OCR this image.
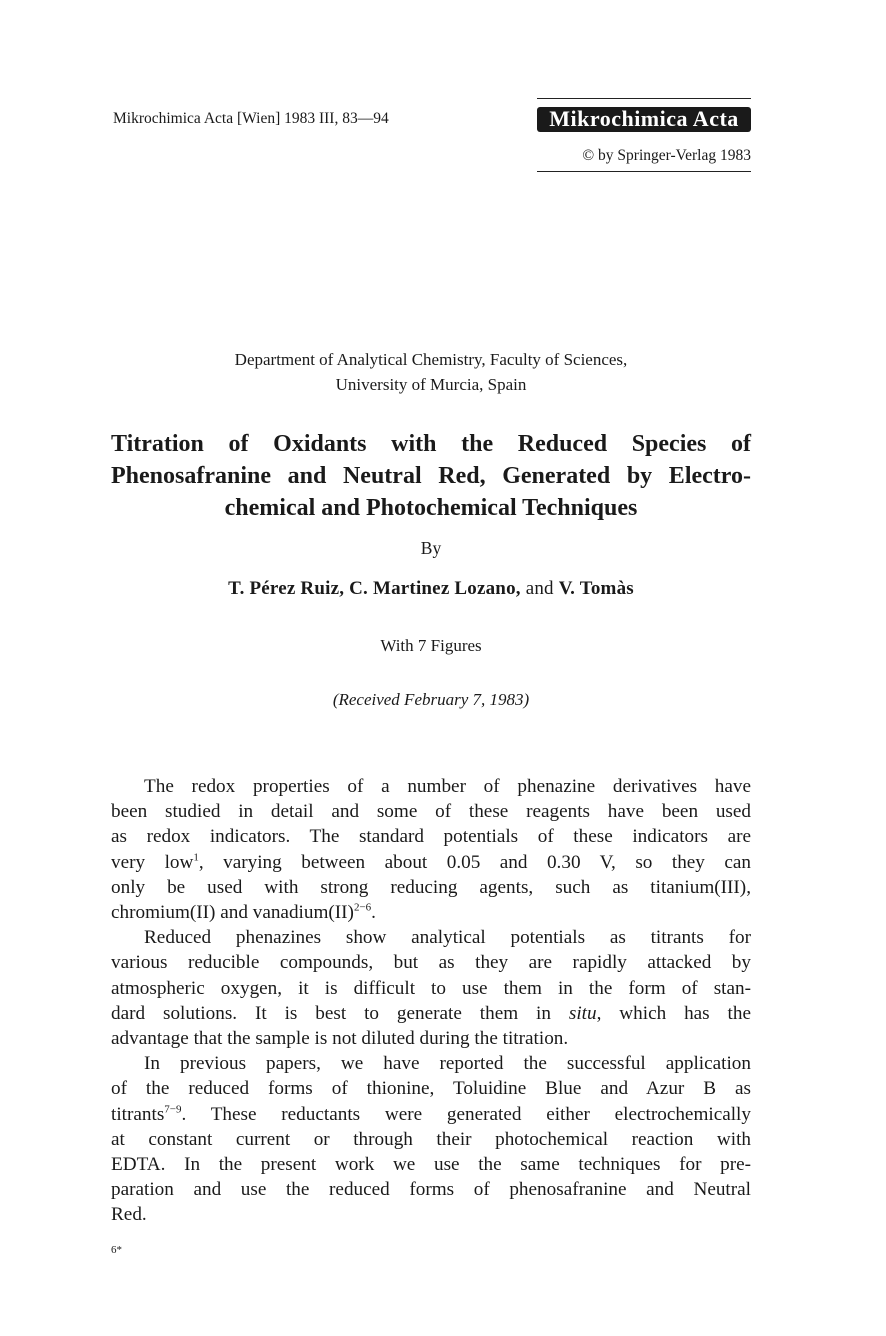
Mikrochimica Acta [Wien] 1983 III, 83—94	Mikrochimica Acta
© by Springer-Verlag 1983
Department of Analytical Chemistry, Faculty of Sciences,
University of Murcia, Spain
Titration of Oxidants with the Reduced Species of
Phenosafranine and Neutral Red, Generated by Electro-
chemical and Photochemical Techniques
By
T. Pérez Ruiz, C. Martinez Lozano, and V. Tomàs
With 7 Figures
(Received February 7, 1983)

The redox properties of a number of phenazine derivatives have
been studied in detail and some of these reagents have been used
as redox indicators. The standard potentials of these indicators are
very low$^1$, varying between about 0.05 and 0.30 V, so they can
only be used with strong reducing agents, such as titanium(III),
chromium(II) and vanadium(II)$^{2-6}$.

Reduced phenazines show analytical potentials as titrants for
various reducible compounds, but as they are rapidly attacked by
atmospheric oxygen, it is difficult to use them in the form of stan-
dard solutions. It is best to generate them in situ, which has the
advantage that the sample is not diluted during the titration.

In previous papers, we have reported the successful application
of the reduced forms of thionine, Toluidine Blue and Azur B as
titrants$^{7-9}$. These reductants were generated either electrochemically
at constant current or through their photochemical reaction with
EDTA. In the present work we use the same techniques for pre-
paration and use the reduced forms of phenosafranine and Neutral
Red.

6*
